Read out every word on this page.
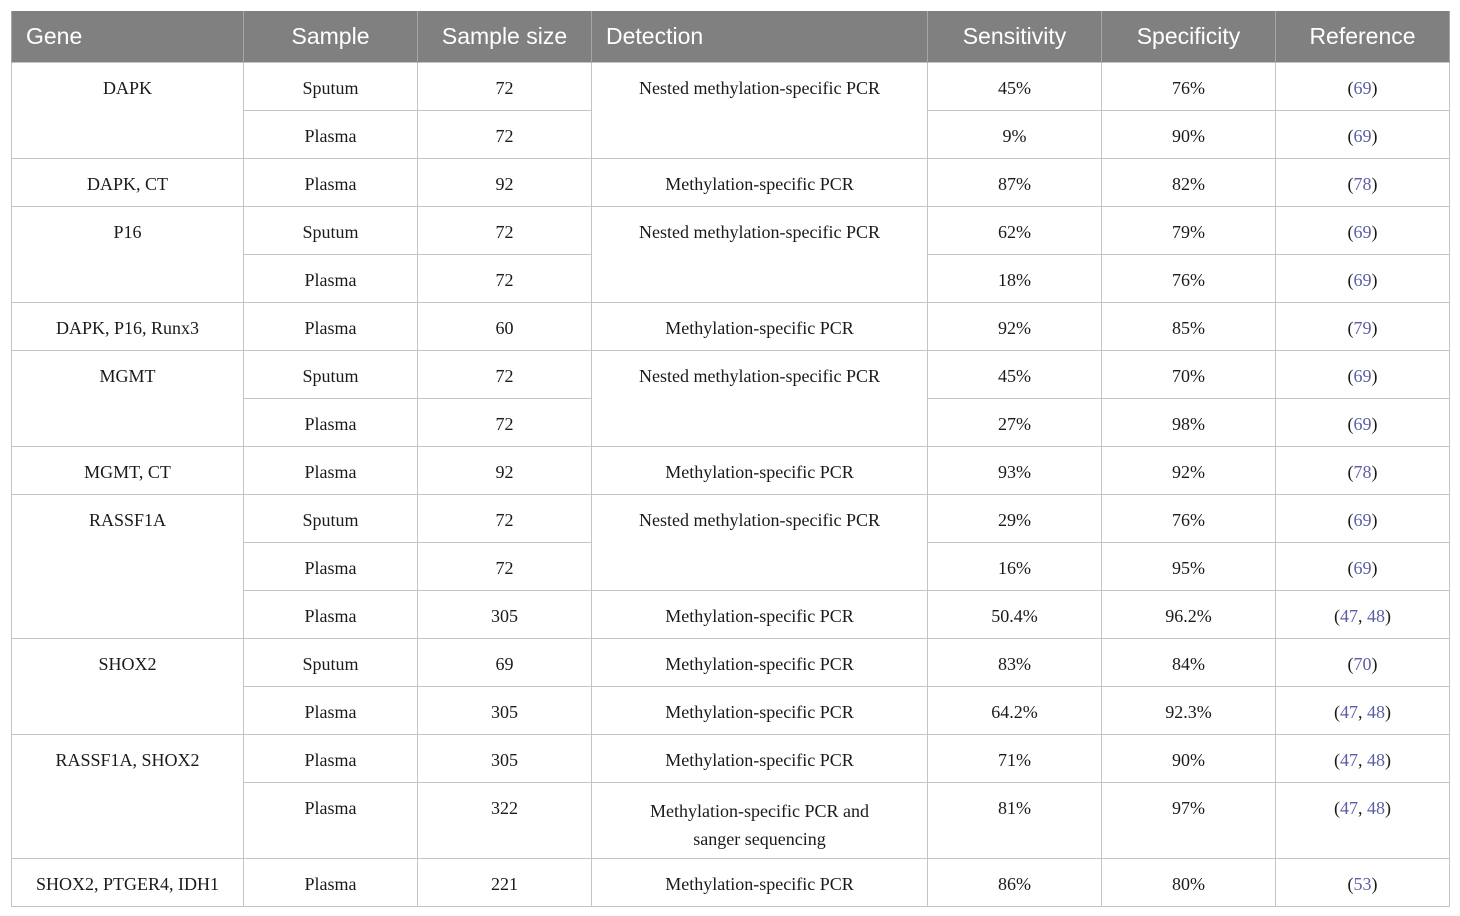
Gene	Sample	Sample size	Detection	Sensitivity	Specificity	Reference

DAPK	Sputum	72	Nested methylation-specific PCR	45%	76%	(69)

	Plasma	72		9%	90%	(69)

DAPK, CT	Plasma	92	Methylation-specific PCR	87%	82%	(78)

P16	Sputum	72	Nested methylation-specific PCR	62%	79%	(69)

	Plasma	72		18%	76%	(69)

DAPK, P16, Runx3	Plasma	60	Methylation-specific PCR	92%	85%	(79)

MGMT	Sputum	72	Nested methylation-specific PCR	45%	70%	(69)

	Plasma	72		27%	98%	(69)

MGMT, CT	Plasma	92	Methylation-specific PCR	93%	92%	(78)

RASSF1A	Sputum	72	Nested methylation-specific PCR	29%	76%	(69)

	Plasma	72		16%	95%	(69)

	Plasma	305	Methylation-specific PCR	50.4%	96.2%	(47, 48)

SHOX2	Sputum	69	Methylation-specific PCR	83%	84%	(70)

	Plasma	305	Methylation-specific PCR	64.2%	92.3%	(47, 48)

RASSF1A, SHOX2	Plasma	305	Methylation-specific PCR	71%	90%	(47, 48)

	Plasma	322	Methylation-specific PCR and
sanger sequencing	81%	97%	(47, 48)

SHOX2, PTGER4, IDH1	Plasma	221	Methylation-specific PCR	86%	80%	(53)
